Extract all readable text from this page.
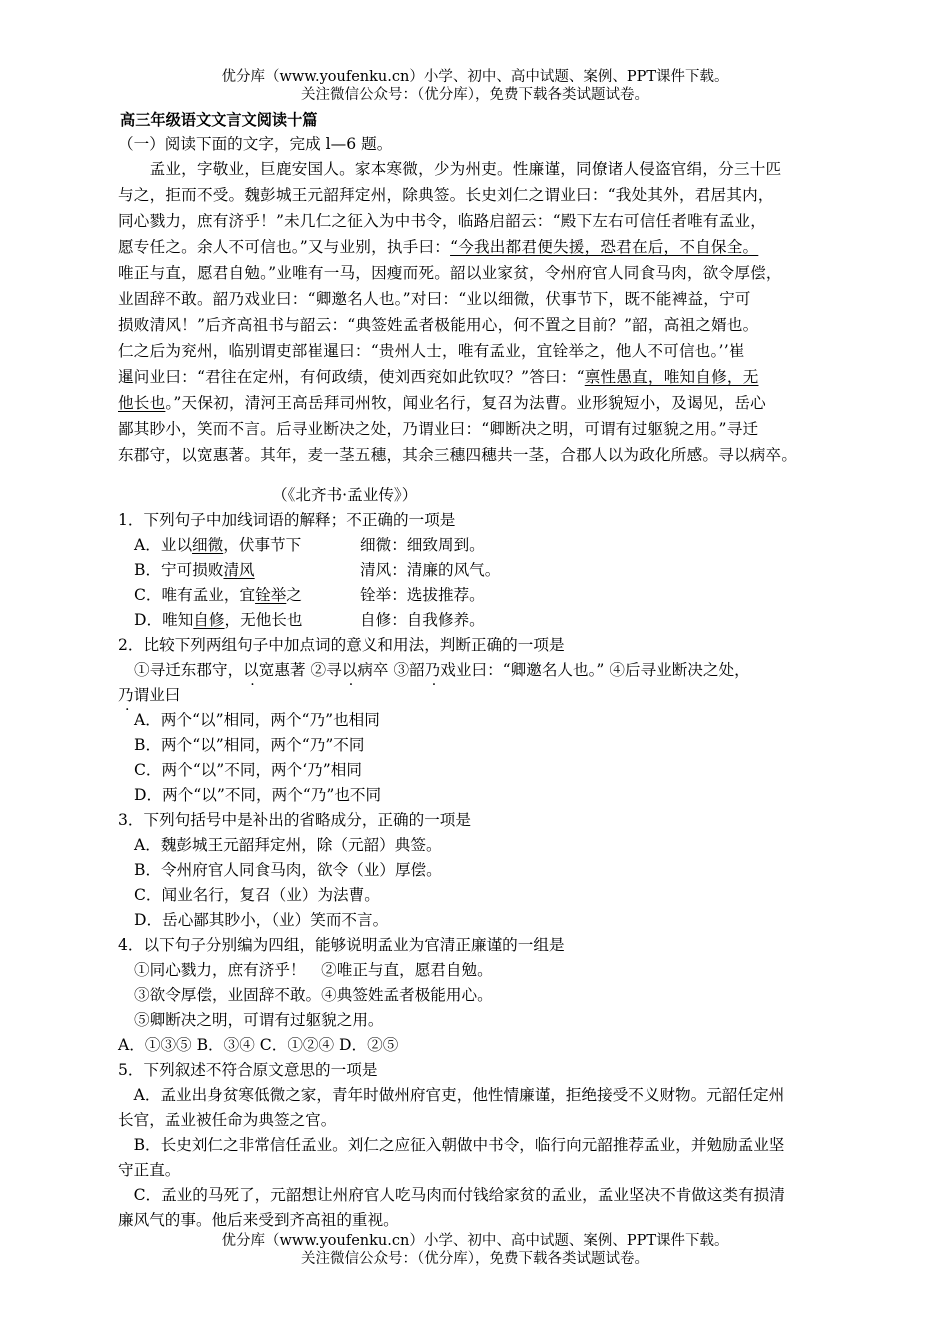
优分库（www.youfenku.cn）小学、初中、高中试题、案例、PPT课件下载。
关注微信公众号：（优分库），免费下载各类试题试卷。
高三年级语文文言文阅读十篇
（一）阅读下面的文字，完成 l—6 题。
　　孟业，字敬业，巨鹿安国人。家本寒微，少为州吏。性廉谨，同僚诸人侵盗官绢，分三十匹
与之，拒而不受。魏彭城王元韶拜定州，除典签。长史刘仁之谓业曰：“我处其外，君居其内，
同心戮力，庶有济乎！”未几仁之征入为中书令，临路启韶云：“殿下左右可信任者唯有孟业，
愿专任之。余人不可信也。”又与业别，执手曰：“今我出都君便失援，恐君在后，不自保全。
唯正与直，愿君自勉。”业唯有一马，因瘦而死。韶以业家贫，令州府官人同食马肉，欲令厚偿，
业固辞不敢。韶乃戏业曰：“卿邀名人也。”对曰：“业以细微，伏事节下，既不能裨益，宁可
损败清风！”后齐高祖书与韶云：“典签姓孟者极能用心，何不置之目前？”韶，高祖之婿也。
仁之后为兖州，临别谓吏部崔暹曰：“贵州人士，唯有孟业，宜铨举之，他人不可信也。’’崔
暹问业曰：“君往在定州，有何政绩，使刘西兖如此钦叹？”答曰：“禀性愚直，唯知自修，无
他长也。”天保初，清河王高岳拜司州牧，闻业名行，复召为法曹。业形貌短小，及谒见，岳心
鄙其眇小，笑而不言。后寻业断决之处，乃谓业曰：“卿断决之明，可谓有过躯貌之用。”寻迁
东郡守，以宽惠著。其年，麦一茎五穗，其余三穗四穗共一茎，合郡人以为政化所感。寻以病卒。
（《北齐书·孟业传》）
1．下列句子中加线词语的解释；不正确的一项是
A．业以细微，伏事节下	细微：细致周到。
B．宁可损败清风	清风：清廉的风气。
C．唯有孟业，宜铨举之	铨举：选拔推荐。
D．唯知自修，无他长也	自修：自我修养。
2．比较下列两组句子中加点词的意义和用法，判断正确的一项是
①寻迁东郡守，以宽惠著 ②寻以病卒 ③韶乃戏业曰：“卿邀名人也。” ④后寻业断决之处，
乃谓业曰
A．两个“以”相同，两个“乃”也相同
B．两个“以”相同，两个“乃”不同
C．两个“以”不同，两个‘乃”相同
D．两个“以”不同，两个“乃”也不同
3．下列句括号中是补出的省略成分，正确的一项是
A．魏彭城王元韶拜定州，除（元韶）典签。
B．令州府官人同食马肉，欲令（业）厚偿。
C．闻业名行，复召（业）为法曹。
D．岳心鄙其眇小，（业）笑而不言。
4．以下句子分别编为四组，能够说明孟业为官清正廉谨的一组是
①同心戮力，庶有济乎！　②唯正与直，愿君自勉。
③欲令厚偿，业固辞不敢。④典签姓孟者极能用心。
⑤卿断决之明，可谓有过躯貌之用。
A．①③⑤ B．③④ C．①②④ D．②⑤
5．下列叙述不符合原文意思的一项是
　A．孟业出身贫寒低微之家，青年时做州府官吏，他性情廉谨，拒绝接受不义财物。元韶任定州
长官，孟业被任命为典签之官。
　B．长史刘仁之非常信任孟业。刘仁之应征入朝做中书令，临行向元韶推荐孟业，并勉励孟业坚
守正直。
　C．孟业的马死了，元韶想让州府官人吃马肉而付钱给家贫的孟业，孟业坚决不肯做这类有损清
廉风气的事。他后来受到齐高祖的重视。
优分库（www.youfenku.cn）小学、初中、高中试题、案例、PPT课件下载。
关注微信公众号：（优分库），免费下载各类试题试卷。
